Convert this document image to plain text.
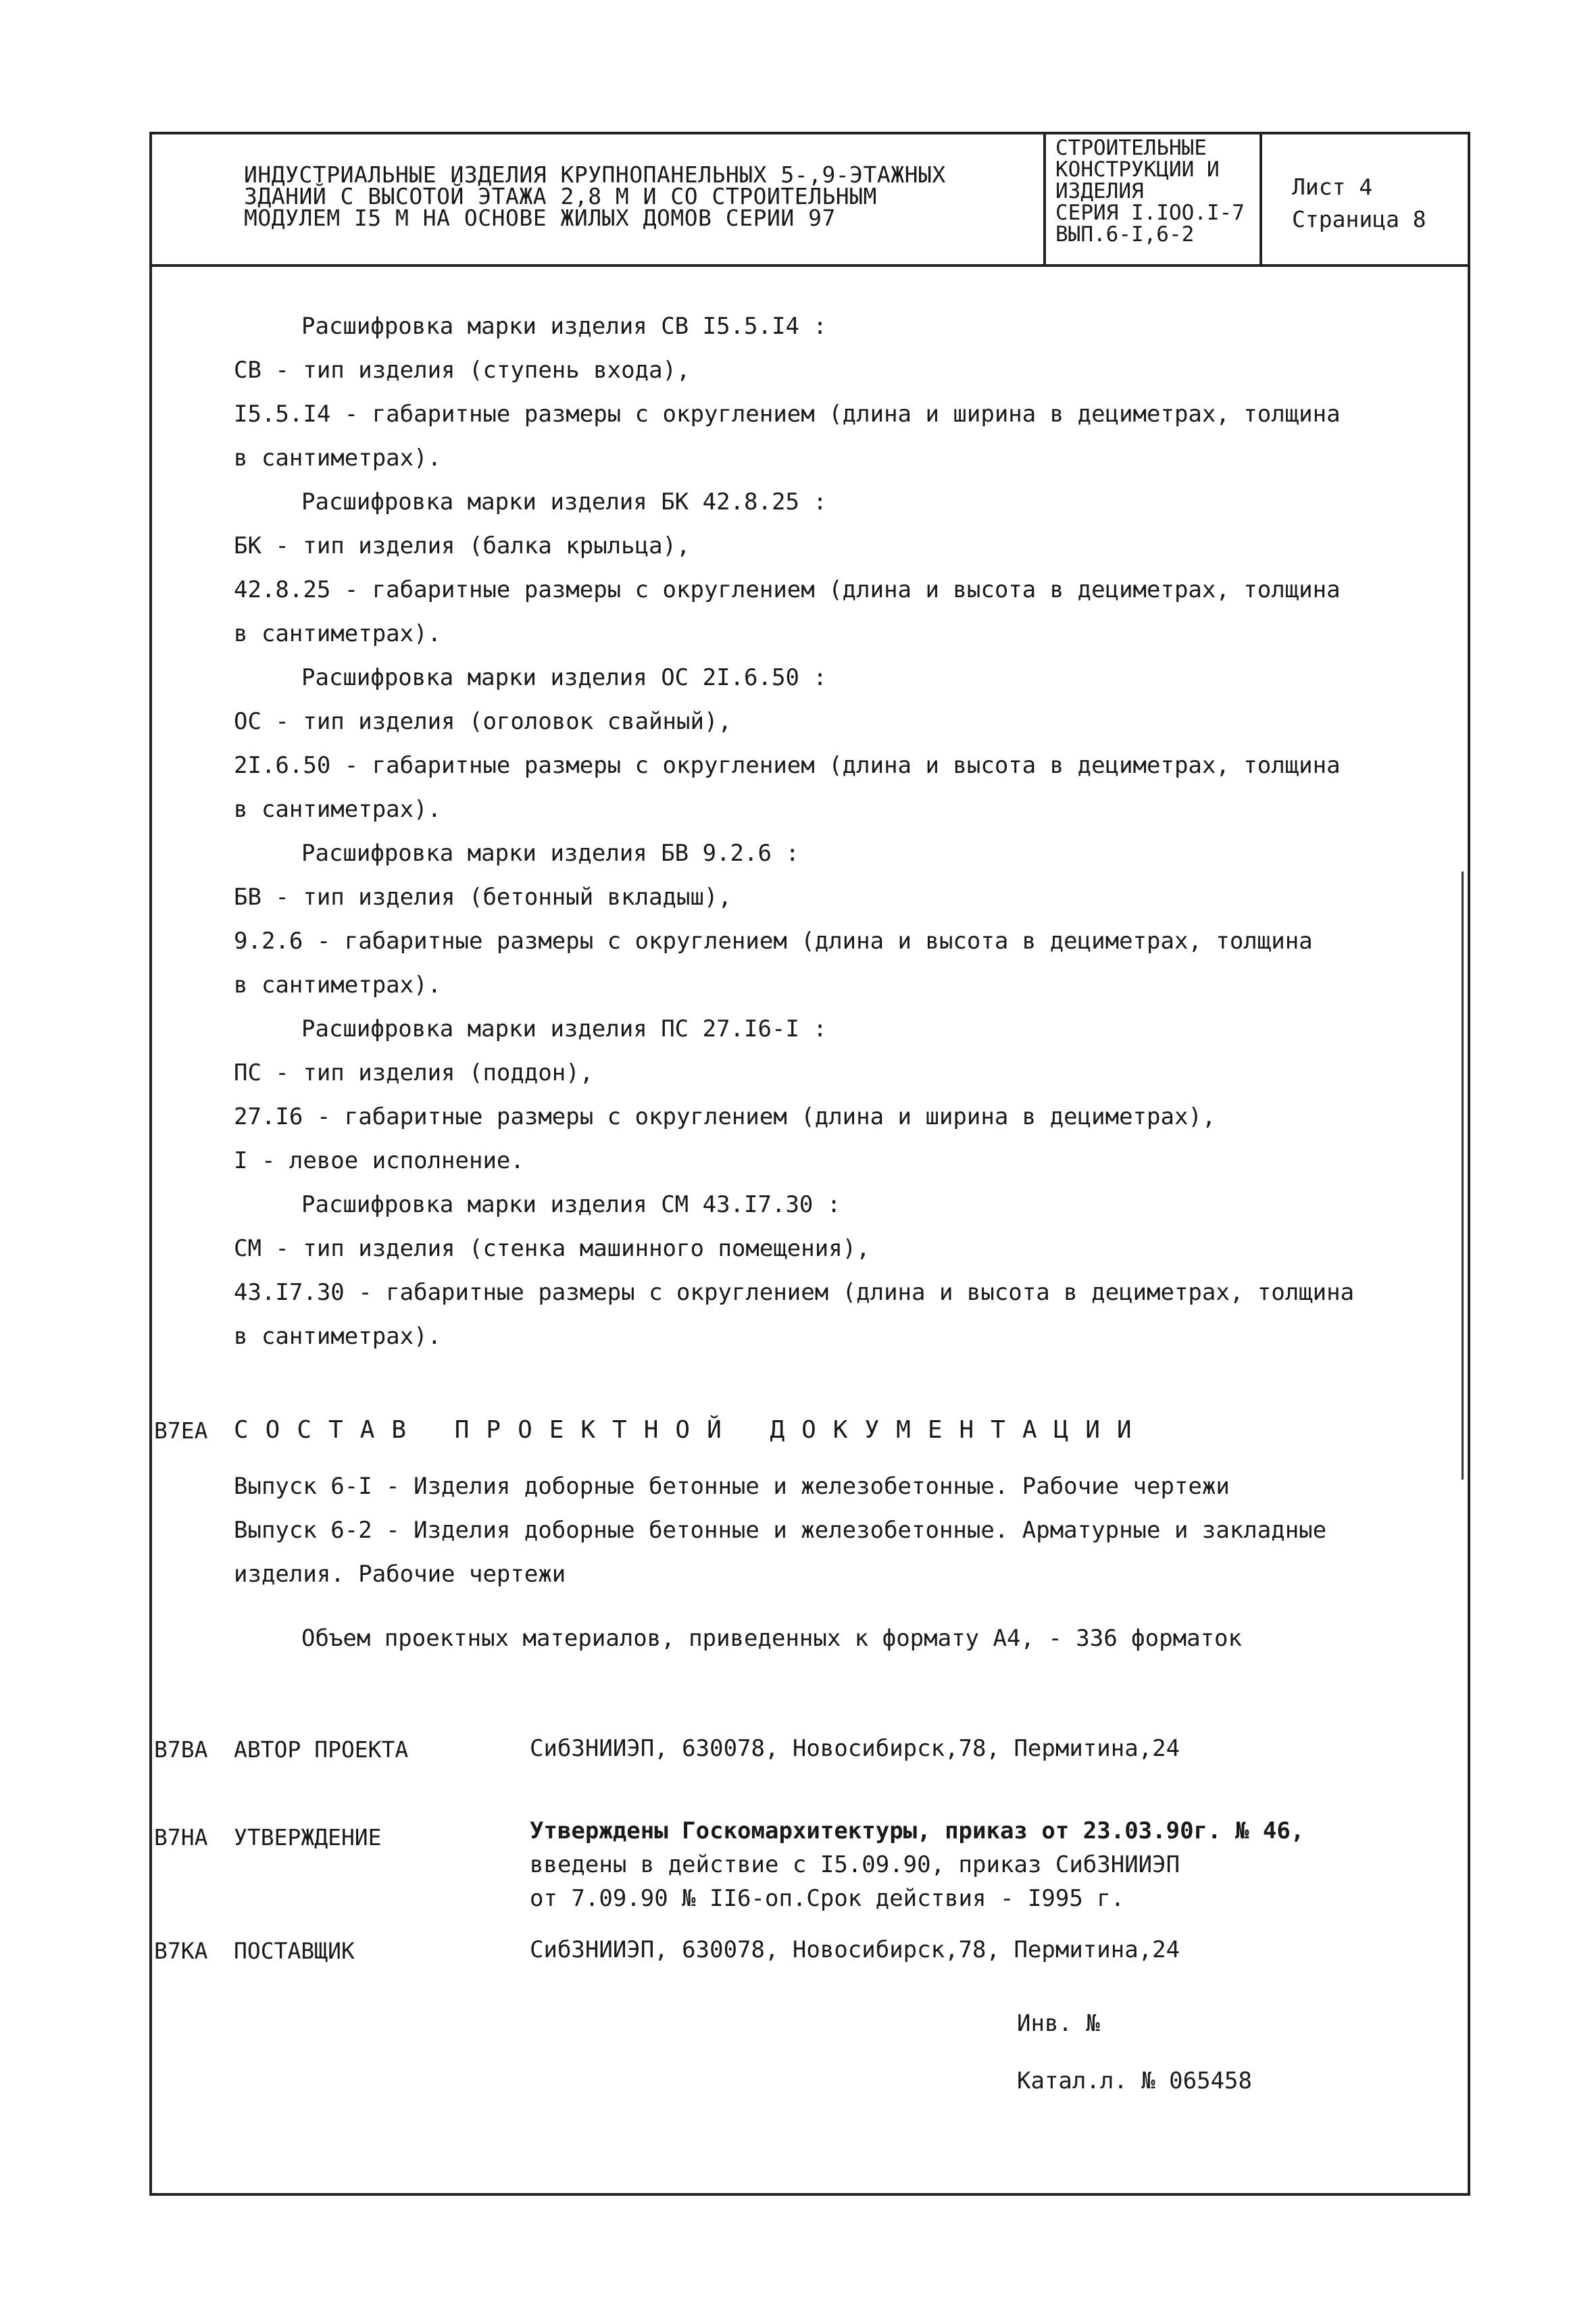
ИНДУСТРИАЛЬНЫЕ ИЗДЕЛИЯ КРУПНОПАНЕЛЬНЫХ 5-,9-ЭТАЖНЫХ
ЗДАНИЙ С ВЫСОТОЙ ЭТАЖА 2,8 М И СО СТРОИТЕЛЬНЫМ
МОДУЛЕМ I5 М НА ОСНОВЕ ЖИЛЫХ ДОМОВ СЕРИИ 97
СТРОИТЕЛЬНЫЕ
КОНСТРУКЦИИ И
ИЗДЕЛИЯ
СЕРИЯ I.IOO.I-7
ВЫП.6-I,6-2
Лист 4
Страница 8
Расшифровка марки изделия СВ I5.5.I4 :
СВ - тип изделия (ступень входа),
I5.5.I4 - габаритные размеры с округлением (длина и ширина в дециметрах, толщина
в сантиметрах).
Расшифровка марки изделия БК 42.8.25 :
БК - тип изделия (балка крыльца),
42.8.25 - габаритные размеры с округлением (длина и высота в дециметрах, толщина
в сантиметрах).
Расшифровка марки изделия ОС 2I.6.50 :
ОС - тип изделия (оголовок свайный),
2I.6.50 - габаритные размеры с округлением (длина и высота в дециметрах, толщина
в сантиметрах).
Расшифровка марки изделия БВ 9.2.6 :
БВ - тип изделия (бетонный вкладыш),
9.2.6 - габаритные размеры с округлением (длина и высота в дециметрах, толщина
в сантиметрах).
Расшифровка марки изделия ПС 27.I6-I :
ПС - тип изделия (поддон),
27.I6 - габаритные размеры с округлением (длина и ширина в дециметрах),
I - левое исполнение.
Расшифровка марки изделия СМ 43.I7.30 :
СМ - тип изделия (стенка машинного помещения),
43.I7.30 - габаритные размеры с округлением (длина и высота в дециметрах, толщина
в сантиметрах).
В7ЕА СОСТАВ ПРОЕКТНОЙ ДОКУМЕНТАЦИИ
Выпуск 6-I - Изделия доборные бетонные и железобетонные. Рабочие чертежи
Выпуск 6-2 - Изделия доборные бетонные и железобетонные. Арматурные и закладные
изделия. Рабочие чертежи
Объем проектных материалов, приведенных к формату А4, - 336 форматок
В7ВА АВТОР ПРОЕКТА	СибЗНИИЭП, 630078, Новосибирск,78, Пермитина,24
В7НА УТВЕРЖДЕНИЕ	Утверждены Госкомархитектуры, приказ от 23.03.90г. № 46,
введены в действие с I5.09.90, приказ СибЗНИИЭП
от 7.09.90 № II6-оп.Срок действия - I995 г.
В7КА ПОСТАВЩИК	СибЗНИИЭП, 630078, Новосибирск,78, Пермитина,24
Инв. №
Катал.л. № 065458
